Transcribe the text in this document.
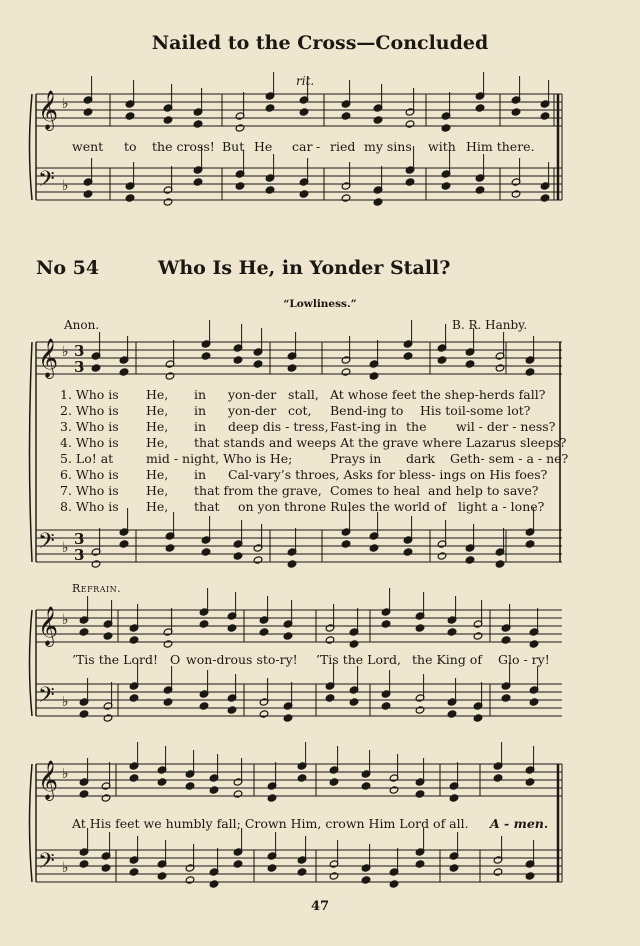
Nailed to the Cross—Concluded
rit.
𝄞
𝄢
♭
♭
𝄞
𝄢
♭
♭
3
3
3
3
𝄞
𝄢
♭
♭
𝄞
𝄢
♭
♭
went to the cross! But He car - ried my sins with Him there.
No 54	Who Is He, in Yonder Stall?
“Lowliness.”
Anon.	B. R. Hanby.
1. Who is He, in yon-der stall, At whose feet the shep-herds fall?
2. Who is He, in yon-der cot, Bend-ing to His toil-some lot?
3. Who is He, in deep dis - tress, Fast-ing in the wil - der - ness?
4. Who is He, that stands and weeps At the grave where Lazarus sleeps?
5. Lo! at	mid - night, Who is He;	Prays in dark Geth- sem - a - ne?
6. Who is He, in Cal-vary’s throes, Asks for bless- ings on His foes?
7. Who is He, that from the grave, Comes to heal and help to save?
8. Who is He, that on yon throne Rules the world of light a - lone?
Refrain.
’Tis the Lord! O won-drous sto-ry! ’Tis the Lord, the King of Glo - ry!
At His feet we humbly fall; Crown Him, crown Him Lord of all. A - men.
47
